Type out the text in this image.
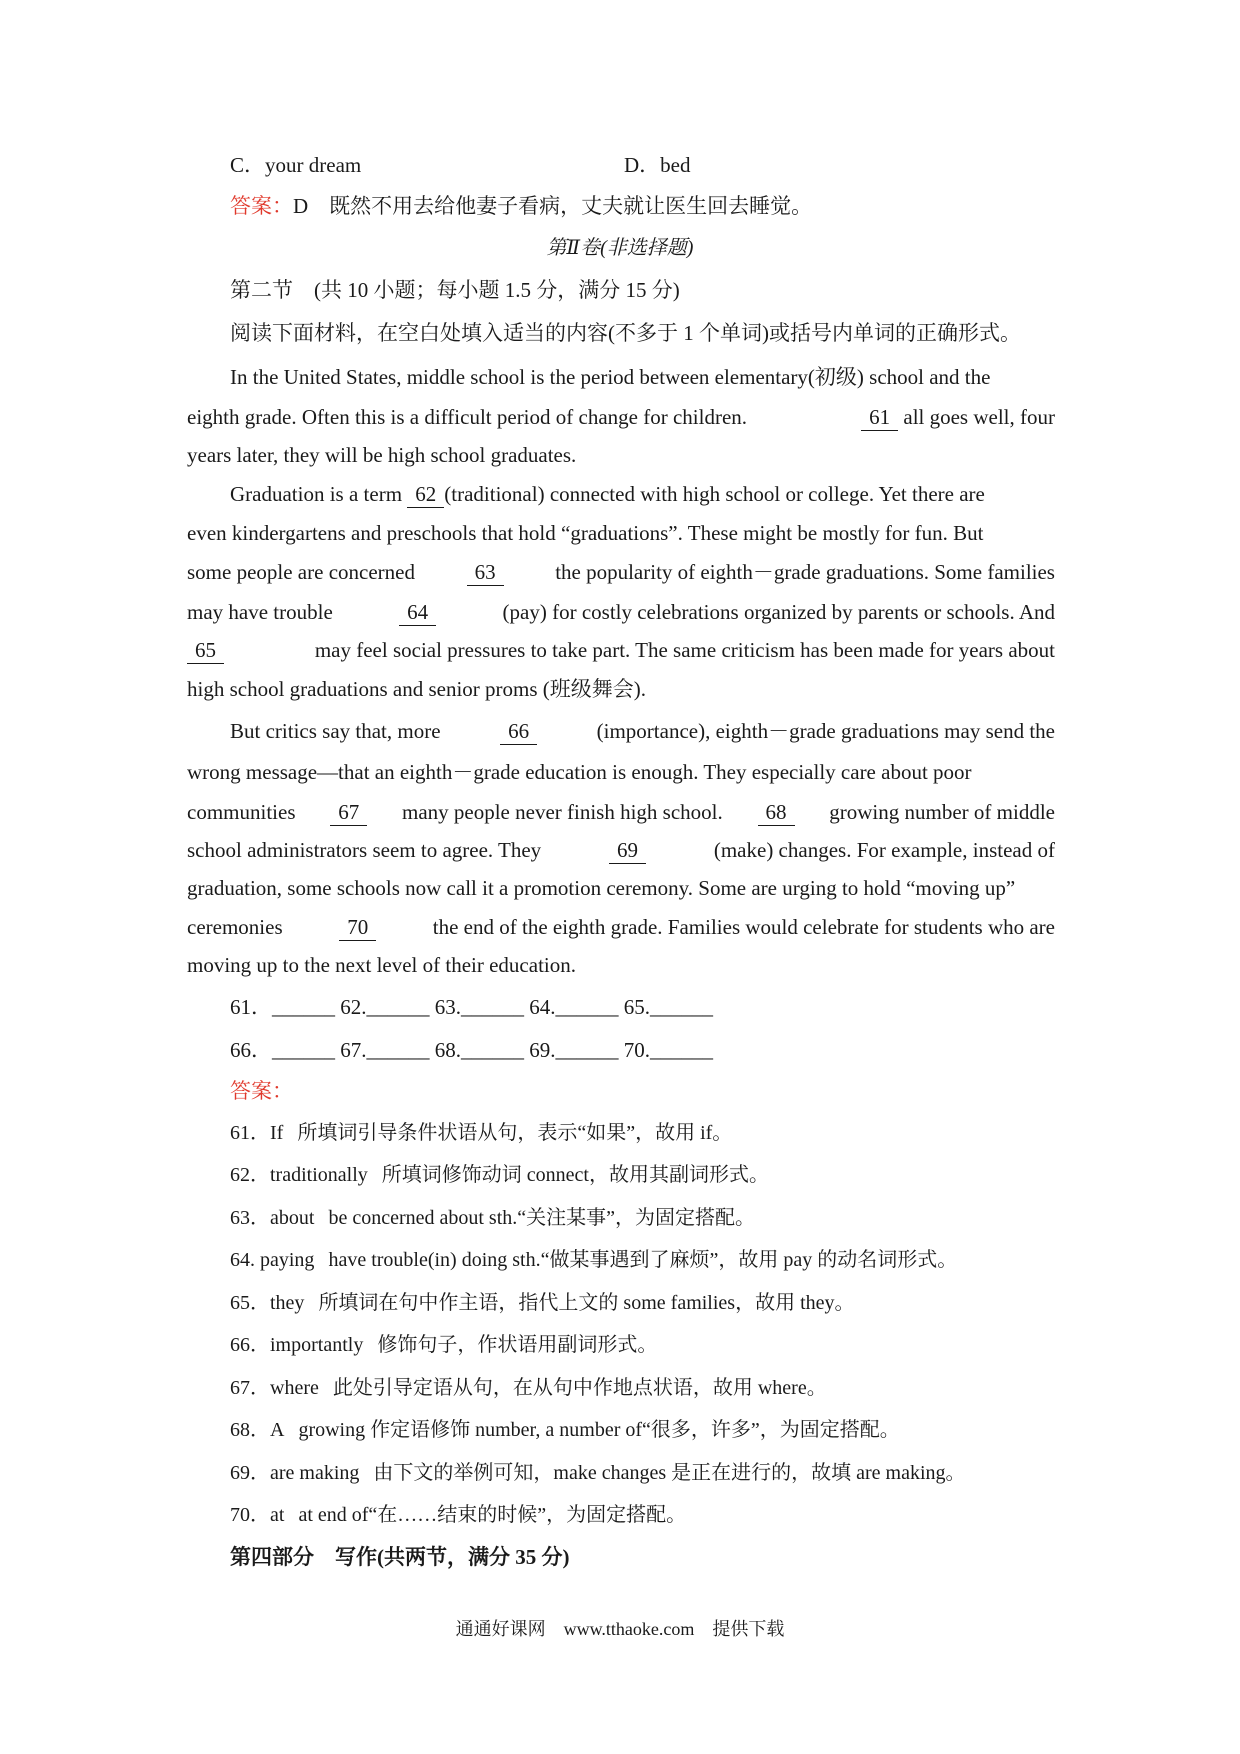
C．your dream	D．bed
答案：D　既然不用去给他妻子看病，丈夫就让医生回去睡觉。
第Ⅱ卷(非选择题)
第二节　(共 10 小题；每小题 1.5 分，满分 15 分)
阅读下面材料，在空白处填入适当的内容(不多于 1 个单词)或括号内单词的正确形式。
In the United States, middle school is the period between elementary(初级) school and the
eighth grade. Often this is a difficult period of change for children.	61 all goes well, four
years later, they will be high school graduates.
Graduation is a term 62 (traditional) connected with high school or college. Yet there are
even kindergartens and preschools that hold “graduations”. These might be mostly for fun. But
some people are concerned	63	the popularity of eighth－grade graduations. Some families
may have trouble	64	(pay) for costly celebrations organized by parents or schools. And
65	may feel social pressures to take part. The same criticism has been made for years about
high school graduations and senior proms (班级舞会).
But critics say that, more	66	(importance), eighth－grade graduations may send the
wrong message—that an eighth－grade education is enough. They especially care about poor
communities	67	many people never finish high school.	68	growing number of middle
school administrators seem to agree. They	69	(make) changes. For example, instead of
graduation, some schools now call it a promotion ceremony. Some are urging to hold “moving up”
ceremonies	70	the end of the eighth grade. Families would celebrate for students who are
moving up to the next level of their education.
61．______ 62.______ 63.______ 64.______ 65.______
66．______ 67.______ 68.______ 69.______ 70.______
答案：
61．If 所填词引导条件状语从句，表示“如果”，故用 if。
62．traditionally 所填词修饰动词 connect，故用其副词形式。
63．about be concerned about sth.“关注某事”，为固定搭配。
64. paying have trouble(in) doing sth.“做某事遇到了麻烦”，故用 pay 的动名词形式。
65．they 所填词在句中作主语，指代上文的 some families，故用 they。
66．importantly 修饰句子，作状语用副词形式。
67．where 此处引导定语从句，在从句中作地点状语，故用 where。
68．A growing 作定语修饰 number, a number of“很多，许多”，为固定搭配。
69．are making 由下文的举例可知，make changes 是正在进行的，故填 are making。
70．at at end of“在……结束的时候”，为固定搭配。
第四部分　写作(共两节，满分 35 分)
通通好课网　www.tthaoke.com　提供下载
